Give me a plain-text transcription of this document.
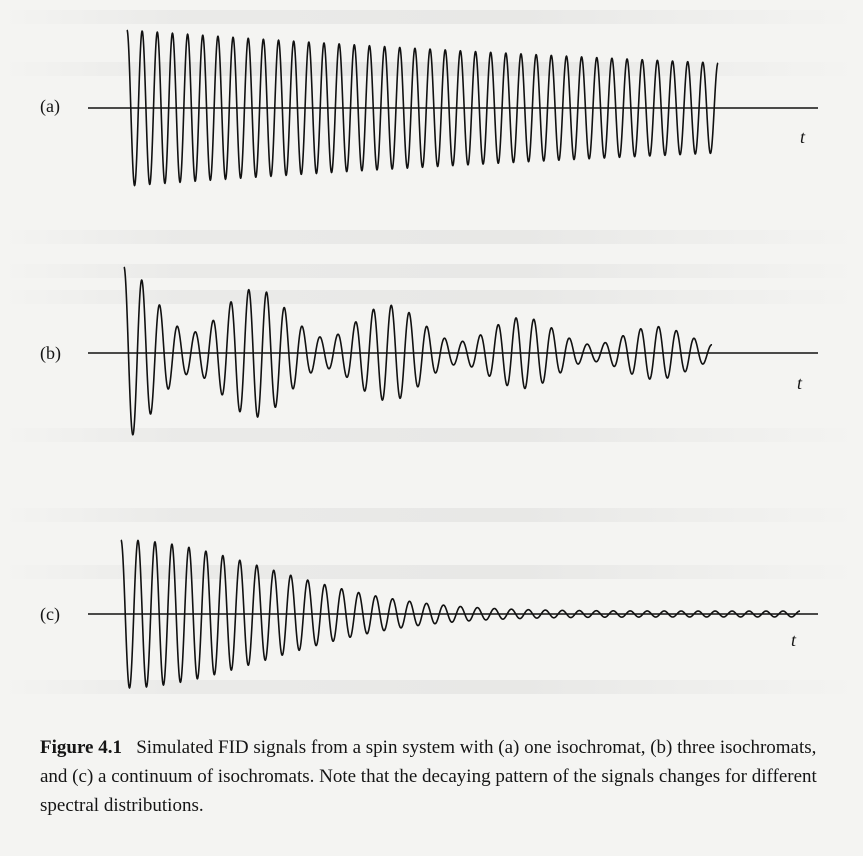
(a)
t
(b)
t
(c)
t
Figure 4.1 Simulated FID signals from a spin system with (a) one isochromat, (b) three isochromats, and (c) a continuum of isochromats. Note that the decaying pattern of the signals changes for different spectral distributions.
